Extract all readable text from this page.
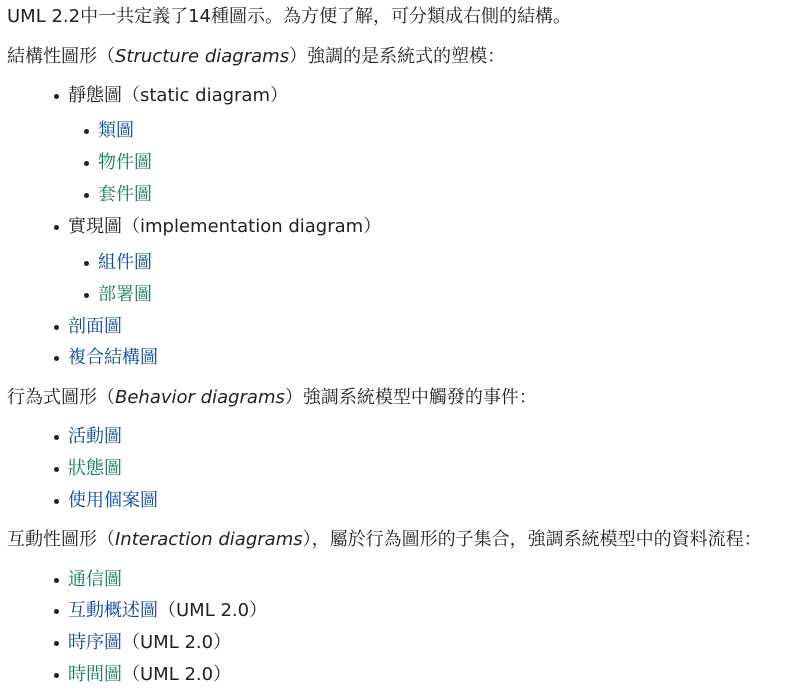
UML 2.2中一共定義了14種圖示。為方便了解，可分類成右側的結構。
結構性圖形（Structure diagrams）強調的是系統式的塑模：
靜態圖（static diagram）
類圖
物件圖
套件圖
實現圖（implementation diagram）
組件圖
部署圖
剖面圖
複合結構圖
行為式圖形（Behavior diagrams）強調系統模型中觸發的事件：
活動圖
狀態圖
使用個案圖
互動性圖形（Interaction diagrams），屬於行為圖形的子集合，強調系統模型中的資料流程：
通信圖
互動概述圖 （UML 2.0）
時序圖 （UML 2.0）
時間圖 （UML 2.0）
